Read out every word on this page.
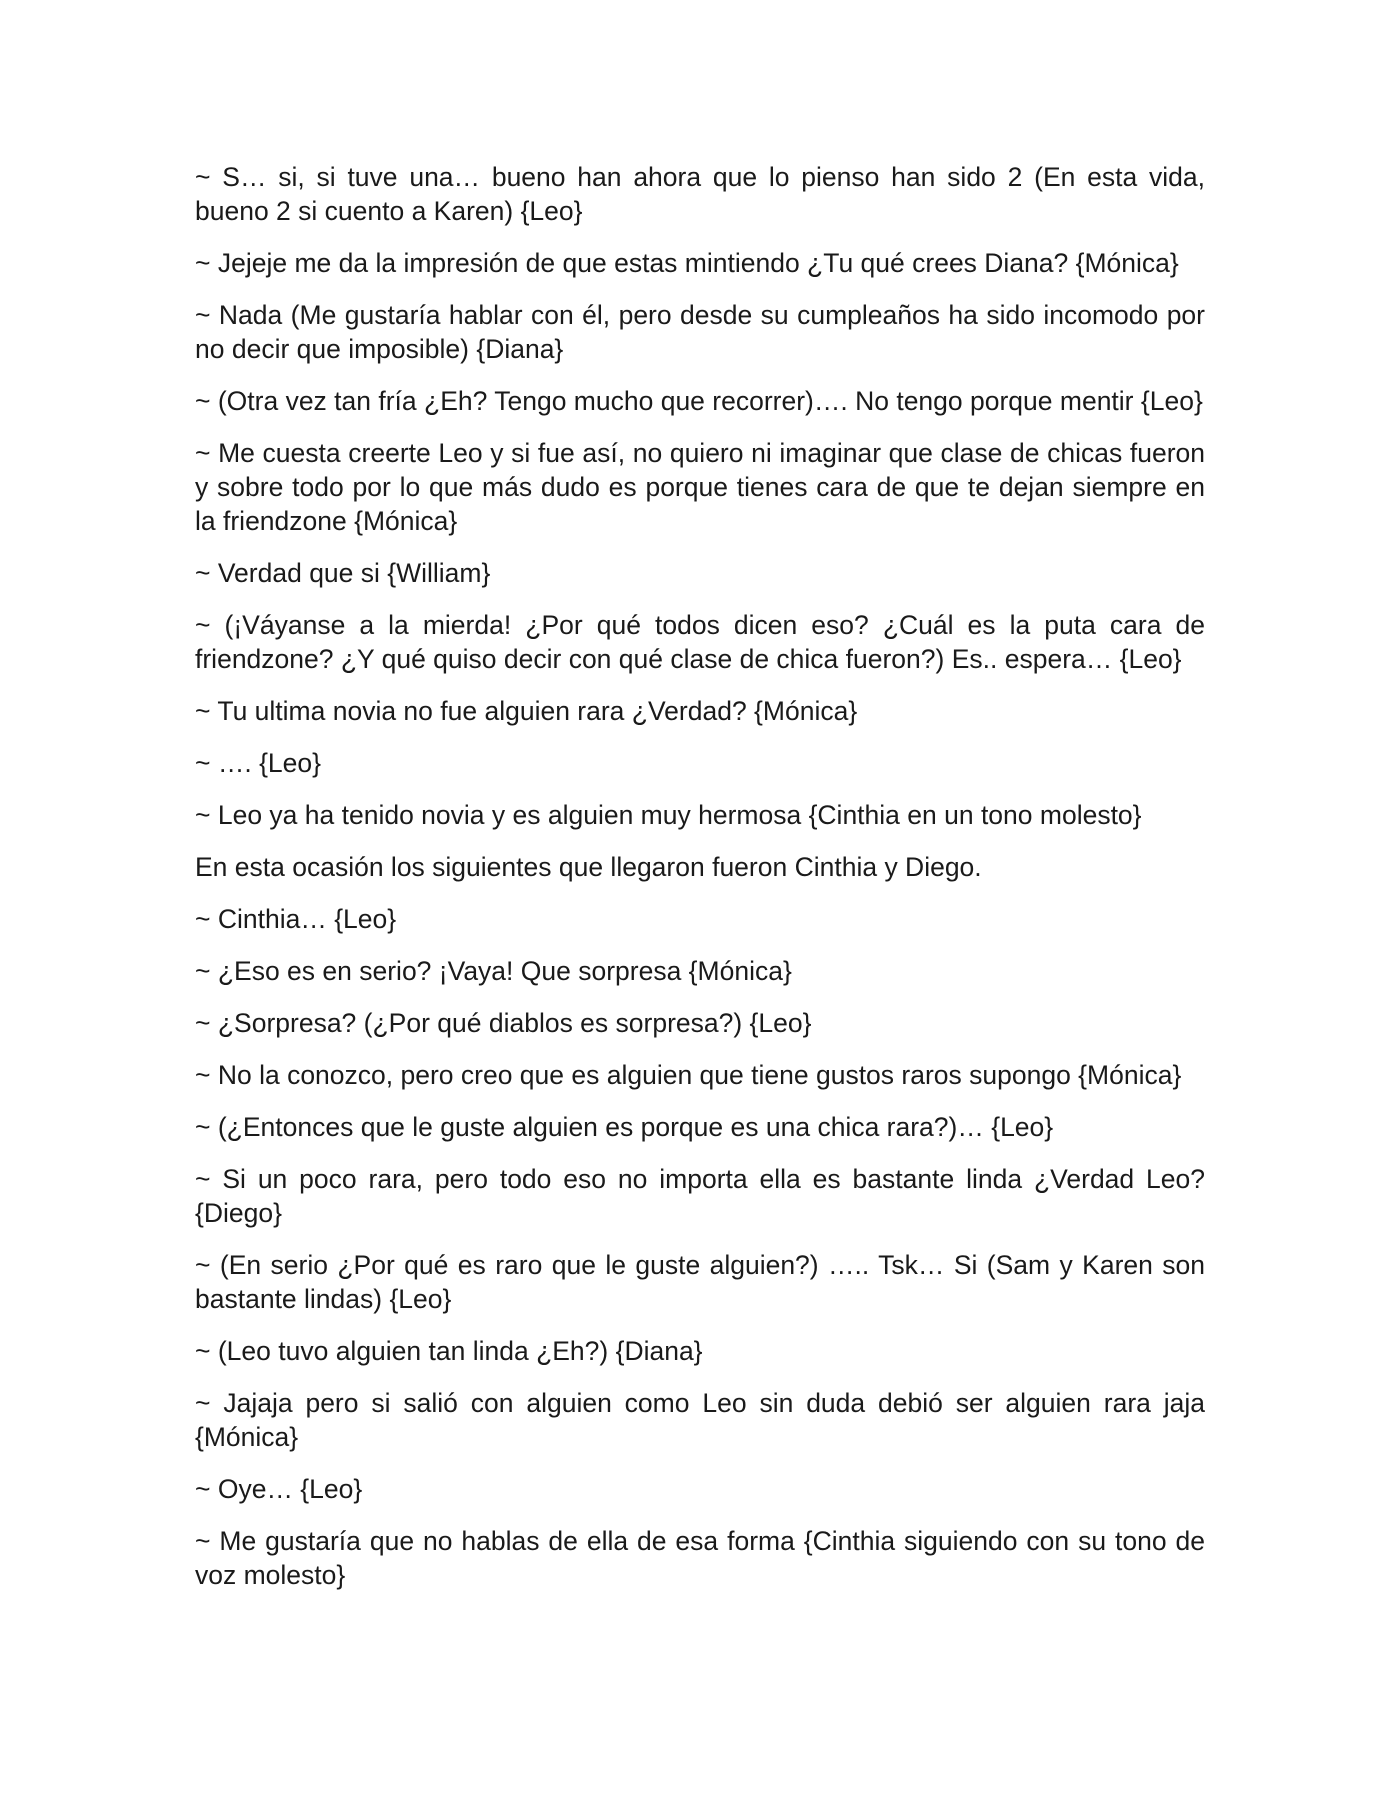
~ S… si, si tuve una… bueno han ahora que lo pienso han sido 2 (En esta vida, bueno 2 si cuento a Karen) {Leo}

~ Jejeje me da la impresión de que estas mintiendo ¿Tu qué crees Diana? {Mónica}

~ Nada (Me gustaría hablar con él, pero desde su cumpleaños ha sido incomodo por no decir que imposible) {Diana}

~ (Otra vez tan fría ¿Eh? Tengo mucho que recorrer)…. No tengo porque mentir {Leo}

~ Me cuesta creerte Leo y si fue así, no quiero ni imaginar que clase de chicas fueron y sobre todo por lo que más dudo es porque tienes cara de que te dejan siempre en la friendzone {Mónica}

~ Verdad que si {William}

~ (¡Váyanse a la mierda! ¿Por qué todos dicen eso? ¿Cuál es la puta cara de friendzone? ¿Y qué quiso decir con qué clase de chica fueron?) Es.. espera… {Leo}

~ Tu ultima novia no fue alguien rara ¿Verdad? {Mónica}

~ …. {Leo}

~ Leo ya ha tenido novia y es alguien muy hermosa {Cinthia en un tono molesto}

En esta ocasión los siguientes que llegaron fueron Cinthia y Diego.

~ Cinthia… {Leo}

~ ¿Eso es en serio? ¡Vaya! Que sorpresa {Mónica}

~ ¿Sorpresa? (¿Por qué diablos es sorpresa?) {Leo}

~ No la conozco, pero creo que es alguien que tiene gustos raros supongo {Mónica}

~ (¿Entonces que le guste alguien es porque es una chica rara?)… {Leo}

~ Si un poco rara, pero todo eso no importa ella es bastante linda ¿Verdad Leo? {Diego}

~ (En serio ¿Por qué es raro que le guste alguien?) ….. Tsk… Si (Sam y Karen son bastante lindas) {Leo}

~ (Leo tuvo alguien tan linda ¿Eh?) {Diana}

~ Jajaja pero si salió con alguien como Leo sin duda debió ser alguien rara jaja {Mónica}

~ Oye… {Leo}

~ Me gustaría que no hablas de ella de esa forma {Cinthia siguiendo con su tono de voz molesto}
